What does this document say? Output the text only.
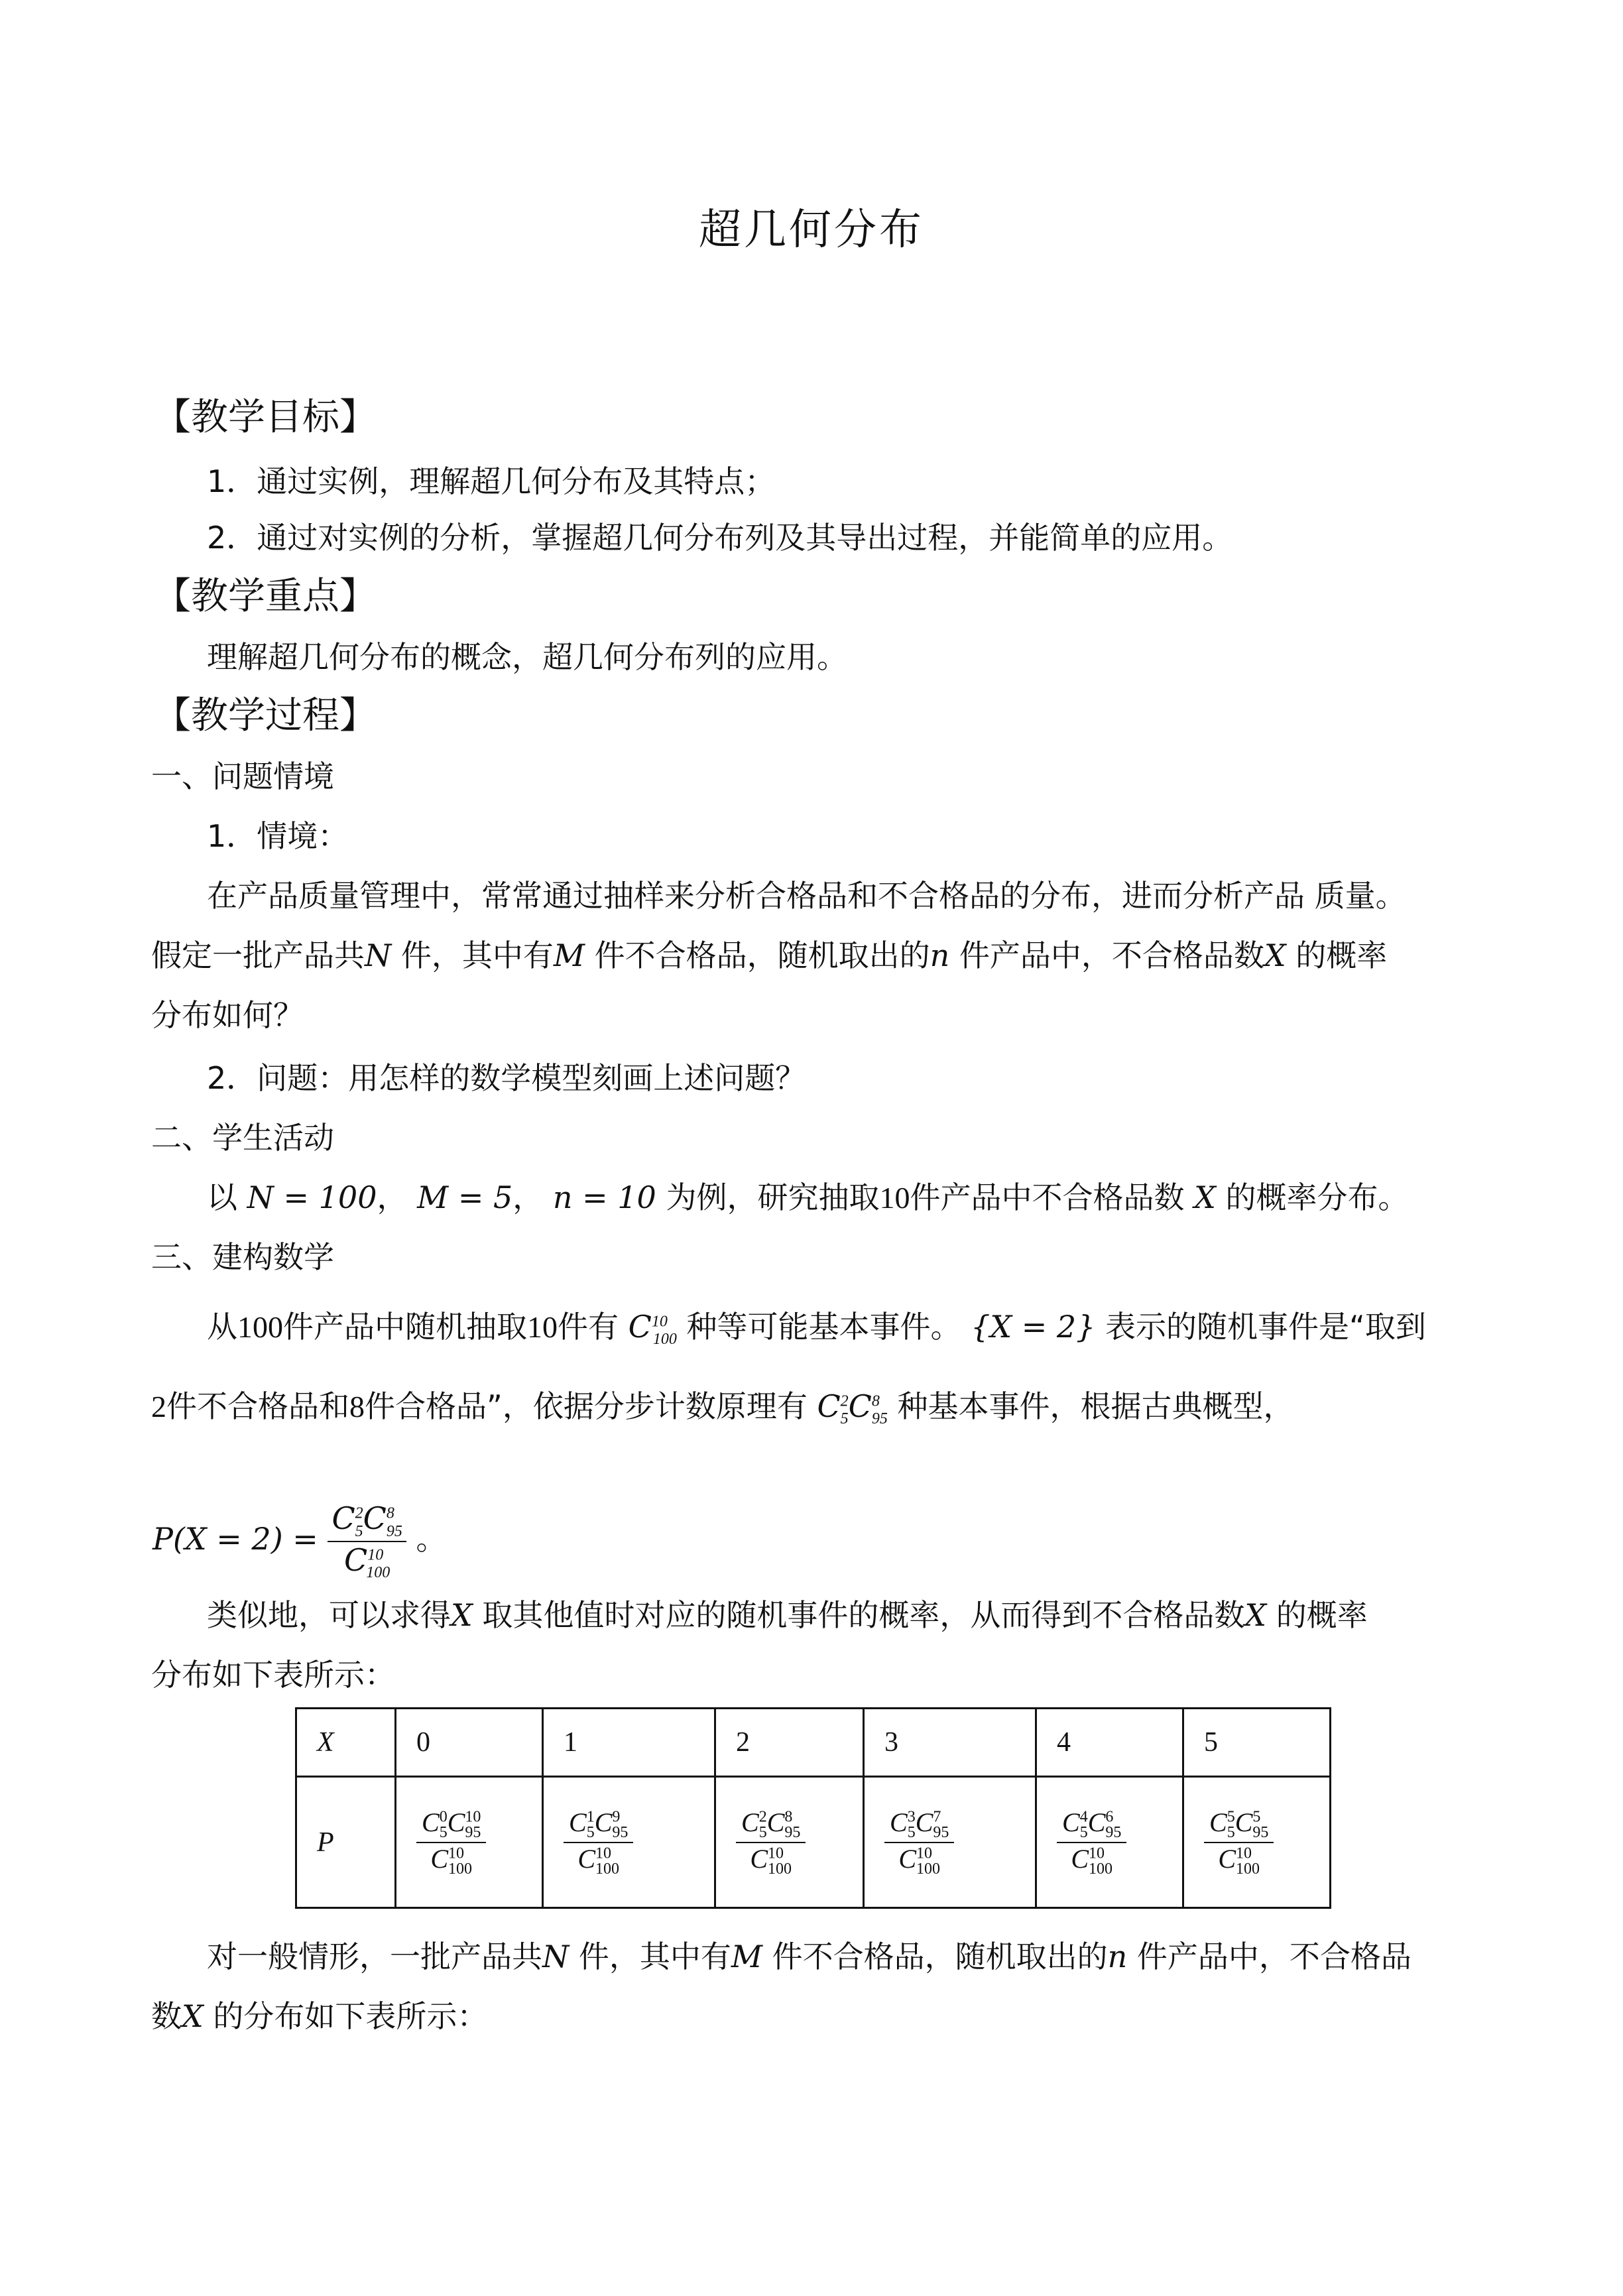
超几何分布
【教学目标】
1．通过实例，理解超几何分布及其特点；
2．通过对实例的分析，掌握超几何分布列及其导出过程，并能简单的应用。
【教学重点】
理解超几何分布的概念，超几何分布列的应用。
【教学过程】
一、问题情境
1．情境：
在产品质量管理中，常常通过抽样来分析合格品和不合格品的分布，进而分析产品 质量。
假定一批产品共N 件，其中有M 件不合格品，随机取出的n 件产品中，不合格品数X 的概率
分布如何？
2．问题：用怎样的数学模型刻画上述问题？
二、学生活动
以 N = 100， M = 5， n = 10 为例，研究抽取10件产品中不合格品数 X 的概率分布。
三、建构数学
从100件产品中随机抽取10件有 $C^{10}_{100}$ 种等可能基本事件。 {X = 2} 表示的随机事件是“取到
2件不合格品和8件合格品”，依据分步计数原理有 $C^2_5C^8_{95}$ 种基本事件，根据古典概型，
$P(X = 2) = \frac{C^2_5C^8_{95}}{C^{10}_{100}}$ 。
类似地，可以求得X 取其他值时对应的随机事件的概率，从而得到不合格品数X 的概率
分布如下表所示：
X	0	1	2	3	4	5
P	$\frac{C^0_5C^{10}_{95}}{C^{10}_{100}}$	$\frac{C^1_5C^9_{95}}{C^{10}_{100}}$	$\frac{C^2_5C^8_{95}}{C^{10}_{100}}$	$\frac{C^3_5C^7_{95}}{C^{10}_{100}}$	$\frac{C^4_5C^6_{95}}{C^{10}_{100}}$	$\frac{C^5_5C^5_{95}}{C^{10}_{100}}$
对一般情形，一批产品共N 件，其中有M 件不合格品，随机取出的n 件产品中，不合格品
数X 的分布如下表所示：
